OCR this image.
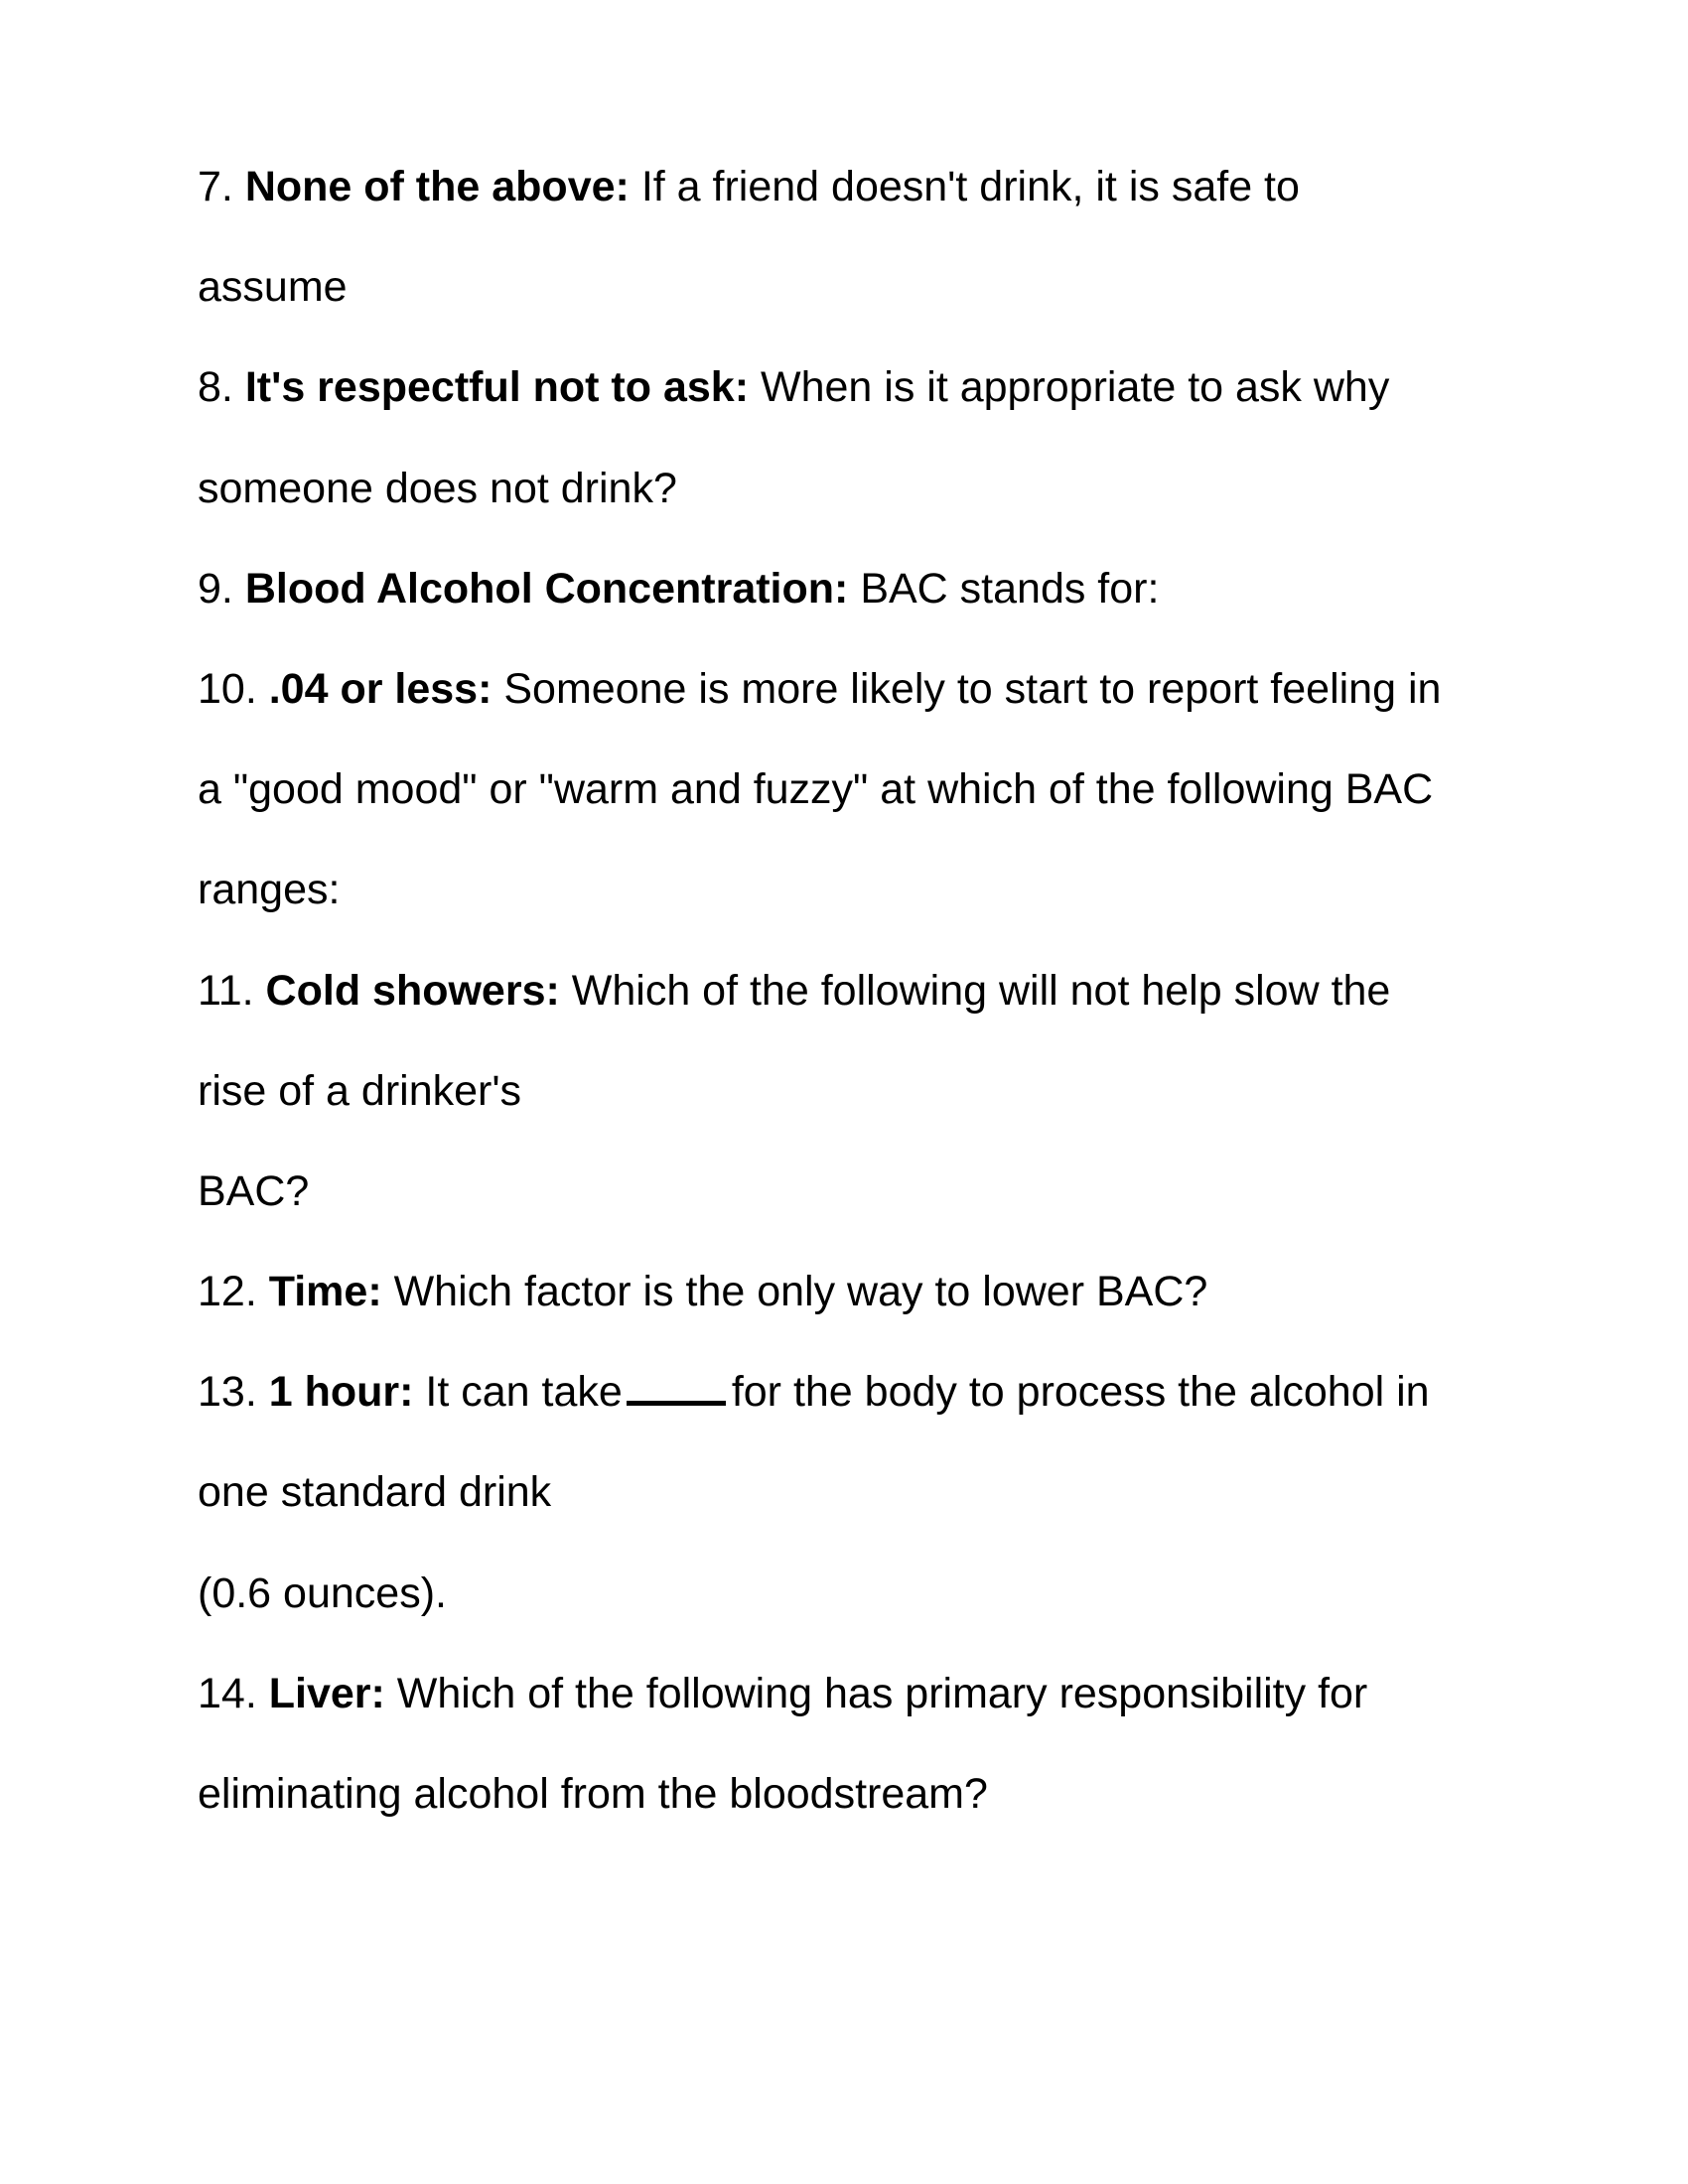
7. None of the above: If a friend doesn't drink, it is safe to
assume
8. It's respectful not to ask: When is it appropriate to ask why
someone does not drink?
9. Blood Alcohol Concentration: BAC stands for:
10. .04 or less: Someone is more likely to start to report feeling in
a "good mood" or "warm and fuzzy" at which of the following BAC
ranges:
11. Cold showers: Which of the following will not help slow the
rise of a drinker's
BAC?
12. Time: Which factor is the only way to lower BAC?
13. 1 hour: It can take	for the body to process the alcohol in
one standard drink
(0.6 ounces).
14. Liver: Which of the following has primary responsibility for
eliminating alcohol from the bloodstream?
